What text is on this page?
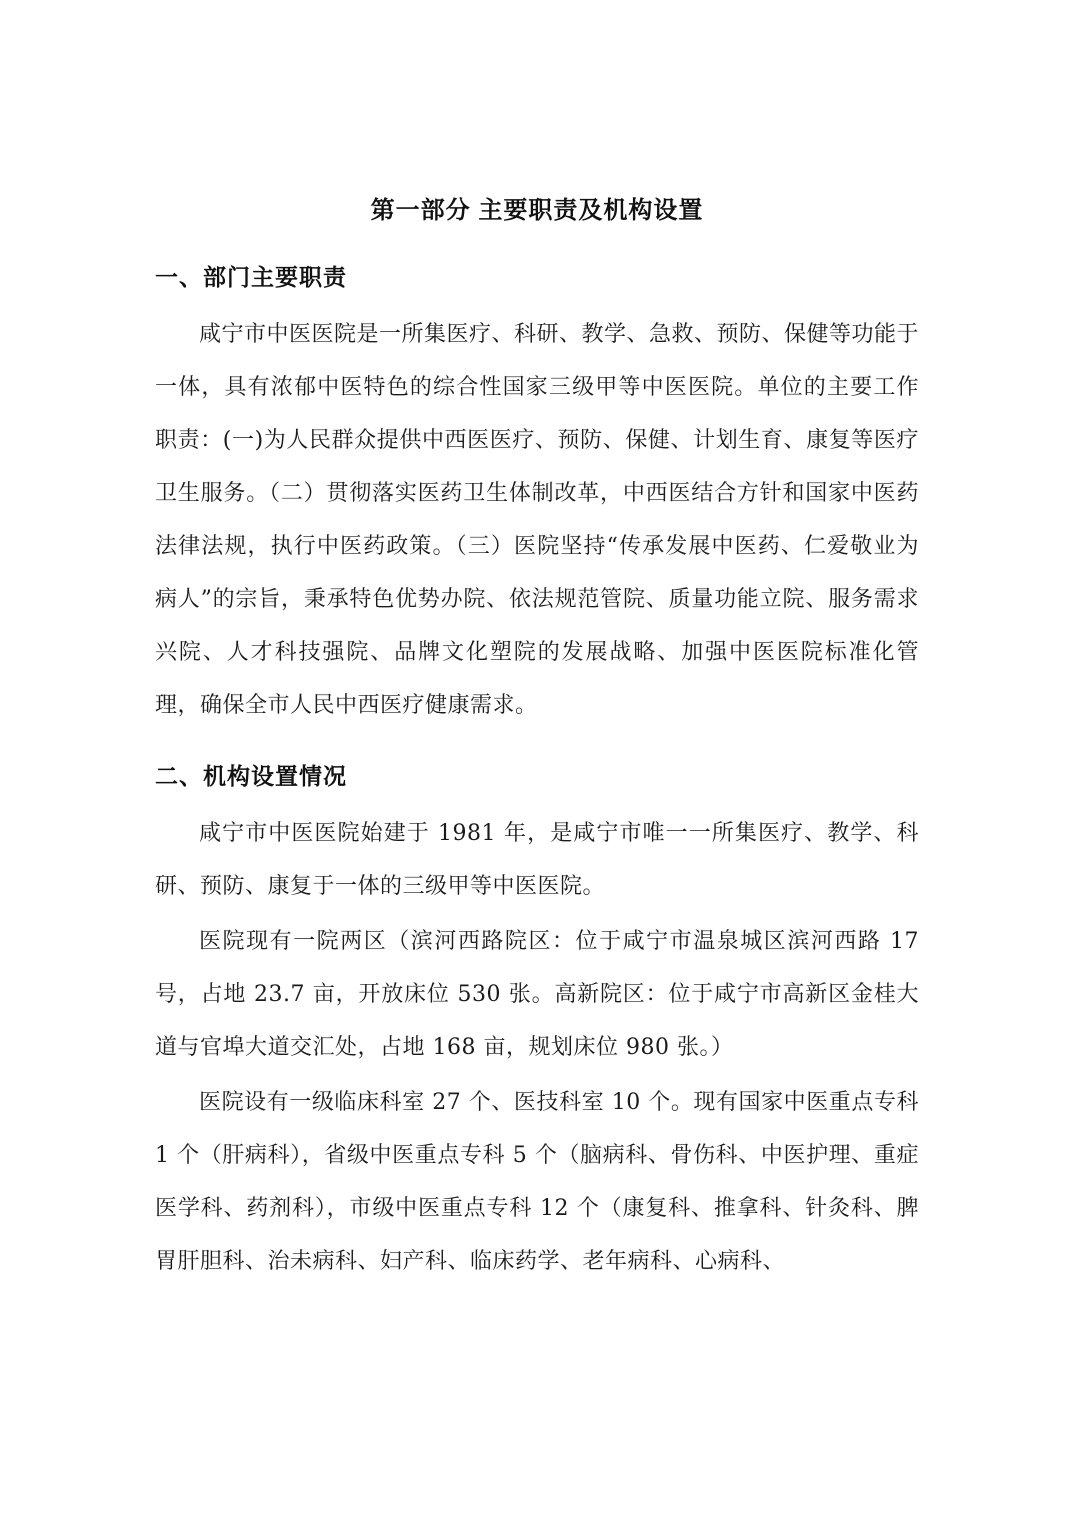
第一部分 主要职责及机构设置
一、部门主要职责

咸宁市中医医院是一所集医疗、科研、教学、急救、预防、保健等功能于一体，具有浓郁中医特色的综合性国家三级甲等中医医院。单位的主要工作职责：(一)为人民群众提供中西医医疗、预防、保健、计划生育、康复等医疗卫生服务。（二）贯彻落实医药卫生体制改革，中西医结合方针和国家中医药法律法规，执行中医药政策。（三）医院坚持“传承发展中医药、仁爱敬业为病人”的宗旨，秉承特色优势办院、依法规范管院、质量功能立院、服务需求兴院、人才科技强院、品牌文化塑院的发展战略、加强中医医院标准化管理，确保全市人民中西医疗健康需求。

二、机构设置情况

咸宁市中医医院始建于 1981 年，是咸宁市唯一一所集医疗、教学、科研、预防、康复于一体的三级甲等中医医院。

医院现有一院两区（滨河西路院区：位于咸宁市温泉城区滨河西路 17 号，占地 23.7 亩，开放床位 530 张。高新院区：位于咸宁市高新区金桂大道与官埠大道交汇处，占地 168 亩，规划床位 980 张。）

医院设有一级临床科室 27 个、医技科室 10 个。现有国家中医重点专科 1 个（肝病科），省级中医重点专科 5 个（脑病科、骨伤科、中医护理、重症医学科、药剂科），市级中医重点专科 12 个（康复科、推拿科、针灸科、脾胃肝胆科、治未病科、妇产科、临床药学、老年病科、心病科、
